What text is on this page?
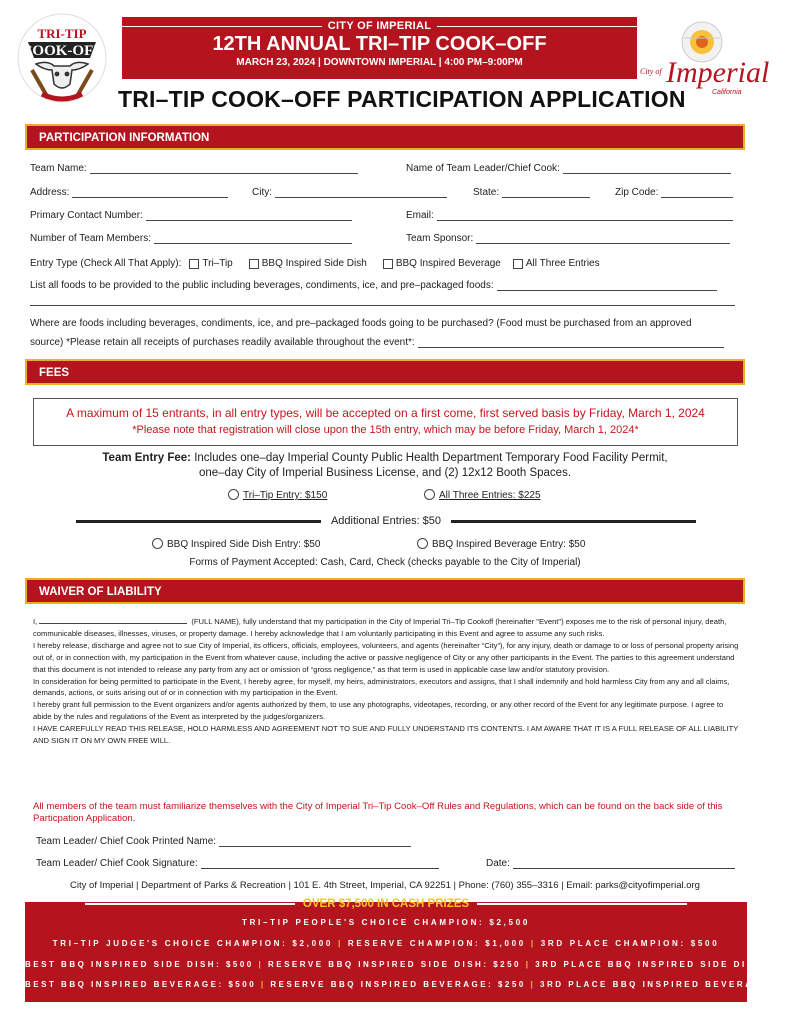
TRI-TIP
COOK-OFF
CITY OF IMPERIAL
12TH ANNUAL TRI–TIP COOK–OFF
MARCH 23, 2024 | DOWNTOWN IMPERIAL | 4:00 PM–9:00PM
City of Imperial
California
TRI–TIP COOK–OFF PARTICIPATION APPLICATION
PARTICIPATION INFORMATION
Team Name:	Name of Team Leader/Chief Cook:
Address:	City:	State:	Zip Code:
Primary Contact Number:	Email:
Number of Team Members:	Team Sponsor:
Entry Type (Check All That Apply): Tri–Tip	BBQ Inspired Side Dish	BBQ Inspired Beverage	All Three Entries
List all foods to be provided to the public including beverages, condiments, ice, and pre–packaged foods:
Where are foods including beverages, condiments, ice, and pre–packaged foods going to be purchased? (Food must be purchased from an approved
source) *Please retain all receipts of purchases readily available throughout the event*:
FEES
A maximum of 15 entrants, in all entry types, will be accepted on a first come, first served basis by Friday, March 1, 2024
*Please note that registration will close upon the 15th entry, which may be before Friday, March 1, 2024*
Team Entry Fee: Includes one–day Imperial County Public Health Department Temporary Food Facility Permit,
one–day City of Imperial Business License, and (2) 12x12 Booth Spaces.
Tri–Tip Entry: $150	All Three Entries: $225
Additional Entries: $50
BBQ Inspired Side Dish Entry: $50	BBQ Inspired Beverage Entry: $50
Forms of Payment Accepted: Cash, Card, Check (checks payable to the City of Imperial)
WAIVER OF LIABILITY

I,	(FULL NAME), fully understand that my participation in the City of Imperial Tri–Tip Cookoff (hereinafter "Event") exposes me to the risk of personal injury, death, communicable diseases, illnesses, viruses, or property damage. I hereby acknowledge that I am voluntarily participating in this Event and agree to assume any such risks.

I hereby release, discharge and agree not to sue City of Imperial, its officers, officials, employees, volunteers, and agents (hereinafter “City”), for any injury, death or damage to or loss of personal property arising out of, or in connection with, my participation in the Event from whatever cause, including the active or passive negligence of City or any other participants in the Event. The parties to this agreement understand that this document is not intended to release any party from any act or omission of “gross negligence,” as that term is used in applicable case law and/or statutory provision.

In consideration for being permitted to participate in the Event, I hereby agree, for myself, my heirs, administrators, executors and assigns, that I shall indemnify and hold harmless City from any and all claims, demands, actions, or suits arising out of or in connection with my participation in the Event.

I hereby grant full permission to the Event organizers and/or agents authorized by them, to use any photographs, videotapes, recording, or any other record of the Event for any legitimate purpose. I agree to abide by the rules and regulations of the Event as interpreted by the judges/organizers.

I HAVE CAREFULLY READ THIS RELEASE, HOLD HARMLESS AND AGREEMENT NOT TO SUE AND FULLY UNDERSTAND ITS CONTENTS. I AM AWARE THAT IT IS A FULL RELEASE OF ALL LIABILITY AND SIGN IT ON MY OWN FREE WILL.

All members of the team must familiarize themselves with the City of Imperial Tri–Tip Cook–Off Rules and Regulations, which can be found on the back side of this Particpation Application.
Team Leader/ Chief Cook Printed Name:
Team Leader/ Chief Cook Signature:	Date:
City of Imperial | Department of Parks & Recreation | 101 E. 4th Street, Imperial, CA 92251 | Phone: (760) 355–3316 | Email: parks@cityofimperial.org
OVER $7,500 IN CASH PRIZES
TRI–TIP PEOPLE'S CHOICE CHAMPION: $2,500
TRI–TIP JUDGE'S CHOICE CHAMPION: $2,000 | RESERVE CHAMPION: $1,000 | 3RD PLACE CHAMPION: $500
BEST BBQ INSPIRED SIDE DISH: $500 | RESERVE BBQ INSPIRED SIDE DISH: $250 | 3RD PLACE BBQ INSPIRED SIDE DISH : $100
BEST BBQ INSPIRED BEVERAGE: $500 | RESERVE BBQ INSPIRED BEVERAGE: $250 | 3RD PLACE BBQ INSPIRED BEVERAGE: $100
